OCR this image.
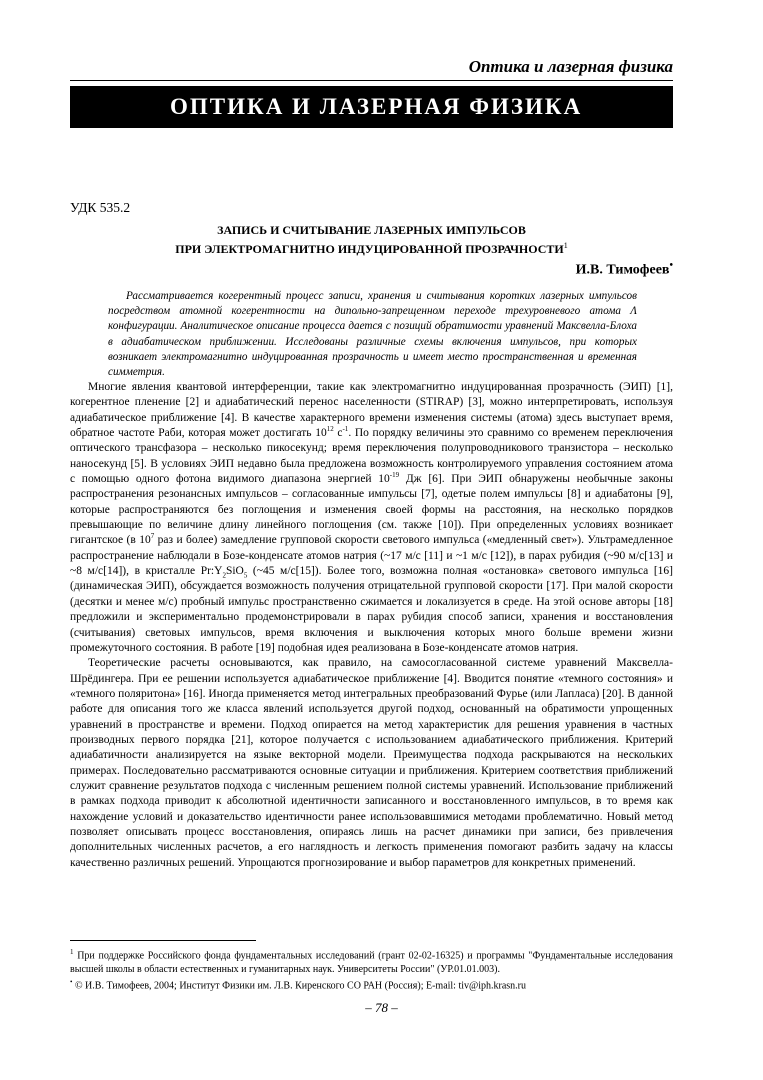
Оптика и лазерная физика
ОПТИКА И ЛАЗЕРНАЯ ФИЗИКА
УДК 535.2
ЗАПИСЬ И СЧИТЫВАНИЕ ЛАЗЕРНЫХ ИМПУЛЬСОВ
ПРИ ЭЛЕКТРОМАГНИТНО ИНДУЦИРОВАННОЙ ПРОЗРАЧНОСТИ$^1$
И.В. Тимофеев•

Рассматривается когерентный процесс записи, хранения и считывания коротких лазерных импульсов посредством атомной когерентности на дипольно-запрещенном переходе трехуровневого атома Λ конфигурации. Аналитическое описание процесса дается с позиций обратимости уравнений Максвелла-Блоха в адиабатическом приближении. Исследованы различные схемы включения импульсов, при которых возникает электромагнитно индуцированная прозрачность и имеет место пространственная и временная симметрия.

Многие явления квантовой интерференции, такие как электромагнитно индуцированная прозрачность (ЭИП) [1], когерентное пленение [2] и адиабатический перенос населенности (STIRAP) [3], можно интерпретировать, используя адиабатическое приближение [4]. В качестве характерного времени изменения системы (атома) здесь выступает время, обратное частоте Раби, которая может достигать $10^{12}$ $с^{-1}$. По порядку величины это сравнимо со временем переключения оптического трансфазора – несколько пикосекунд; время переключения полупроводникового транзистора – несколько наносекунд [5]. В условиях ЭИП недавно была предложена возможность контролируемого управления состоянием атома с помощью одного фотона видимого диапазона энергией $10^{-19}$ Дж [6]. При ЭИП обнаружены необычные законы распространения резонансных импульсов – согласованные импульсы [7], одетые полем импульсы [8] и адиабатоны [9], которые распространяются без поглощения и изменения своей формы на расстояния, на несколько порядков превышающие по величине длину линейного поглощения (см. также [10]). При определенных условиях возникает гигантское (в $10^7$ раз и более) замедление групповой скорости светового импульса («медленный свет»). Ультрамедленное распространение наблюдали в Бозе-конденсате атомов натрия (~17 м/с [11] и ~1 м/с [12]), в парах рубидия (~90 м/с[13] и ~8 м/с[14]), в кристалле $Pr:Y_2SiO_5$ (~45 м/с[15]). Более того, возможна полная «остановка» светового импульса [16] (динамическая ЭИП), обсуждается возможность получения отрицательной групповой скорости [17]. При малой скорости (десятки и менее м/с) пробный импульс пространственно сжимается и локализуется в среде. На этой основе авторы [18] предложили и экспериментально продемонстрировали в парах рубидия способ записи, хранения и восстановления (считывания) световых импульсов, время включения и выключения которых много больше времени жизни промежуточного состояния. В работе [19] подобная идея реализована в Бозе-конденсате атомов натрия.

Теоретические расчеты основываются, как правило, на самосогласованной системе уравнений Максвелла-Шрёдингера. При ее решении используется адиабатическое приближение [4]. Вводится понятие «темного состояния» и «темного поляритона» [16]. Иногда применяется метод интегральных преобразований Фурье (или Лапласа) [20]. В данной работе для описания того же класса явлений используется другой подход, основанный на обратимости упрощенных уравнений в пространстве и времени. Подход опирается на метод характеристик для решения уравнения в частных производных первого порядка [21], которое получается с использованием адиабатического приближения. Критерий адиабатичности анализируется на языке векторной модели. Преимущества подхода раскрываются на нескольких примерах. Последовательно рассматриваются основные ситуации и приближения. Критерием соответствия приближений служит сравнение результатов подхода с численным решением полной системы уравнений. Использование приближений в рамках подхода приводит к абсолютной идентичности записанного и восстановленного импульсов, в то время как нахождение условий и доказательство идентичности ранее использовавшимися методами проблематично. Новый метод позволяет описывать процесс восстановления, опираясь лишь на расчет динамики при записи, без привлечения дополнительных численных расчетов, а его наглядность и легкость применения помогают разбить задачу на классы качественно различных решений. Упрощаются прогнозирование и выбор параметров для конкретных применений.

$^1$ При поддержке Российского фонда фундаментальных исследований (грант 02-02-16325) и программы "Фундаментальные исследования высшей школы в области естественных и гуманитарных наук. Университеты России" (УР.01.01.003).

• © И.В. Тимофеев, 2004; Институт Физики им. Л.В. Киренского СО РАН (Россия); E-mail: tiv@iph.krasn.ru

– 78 –
